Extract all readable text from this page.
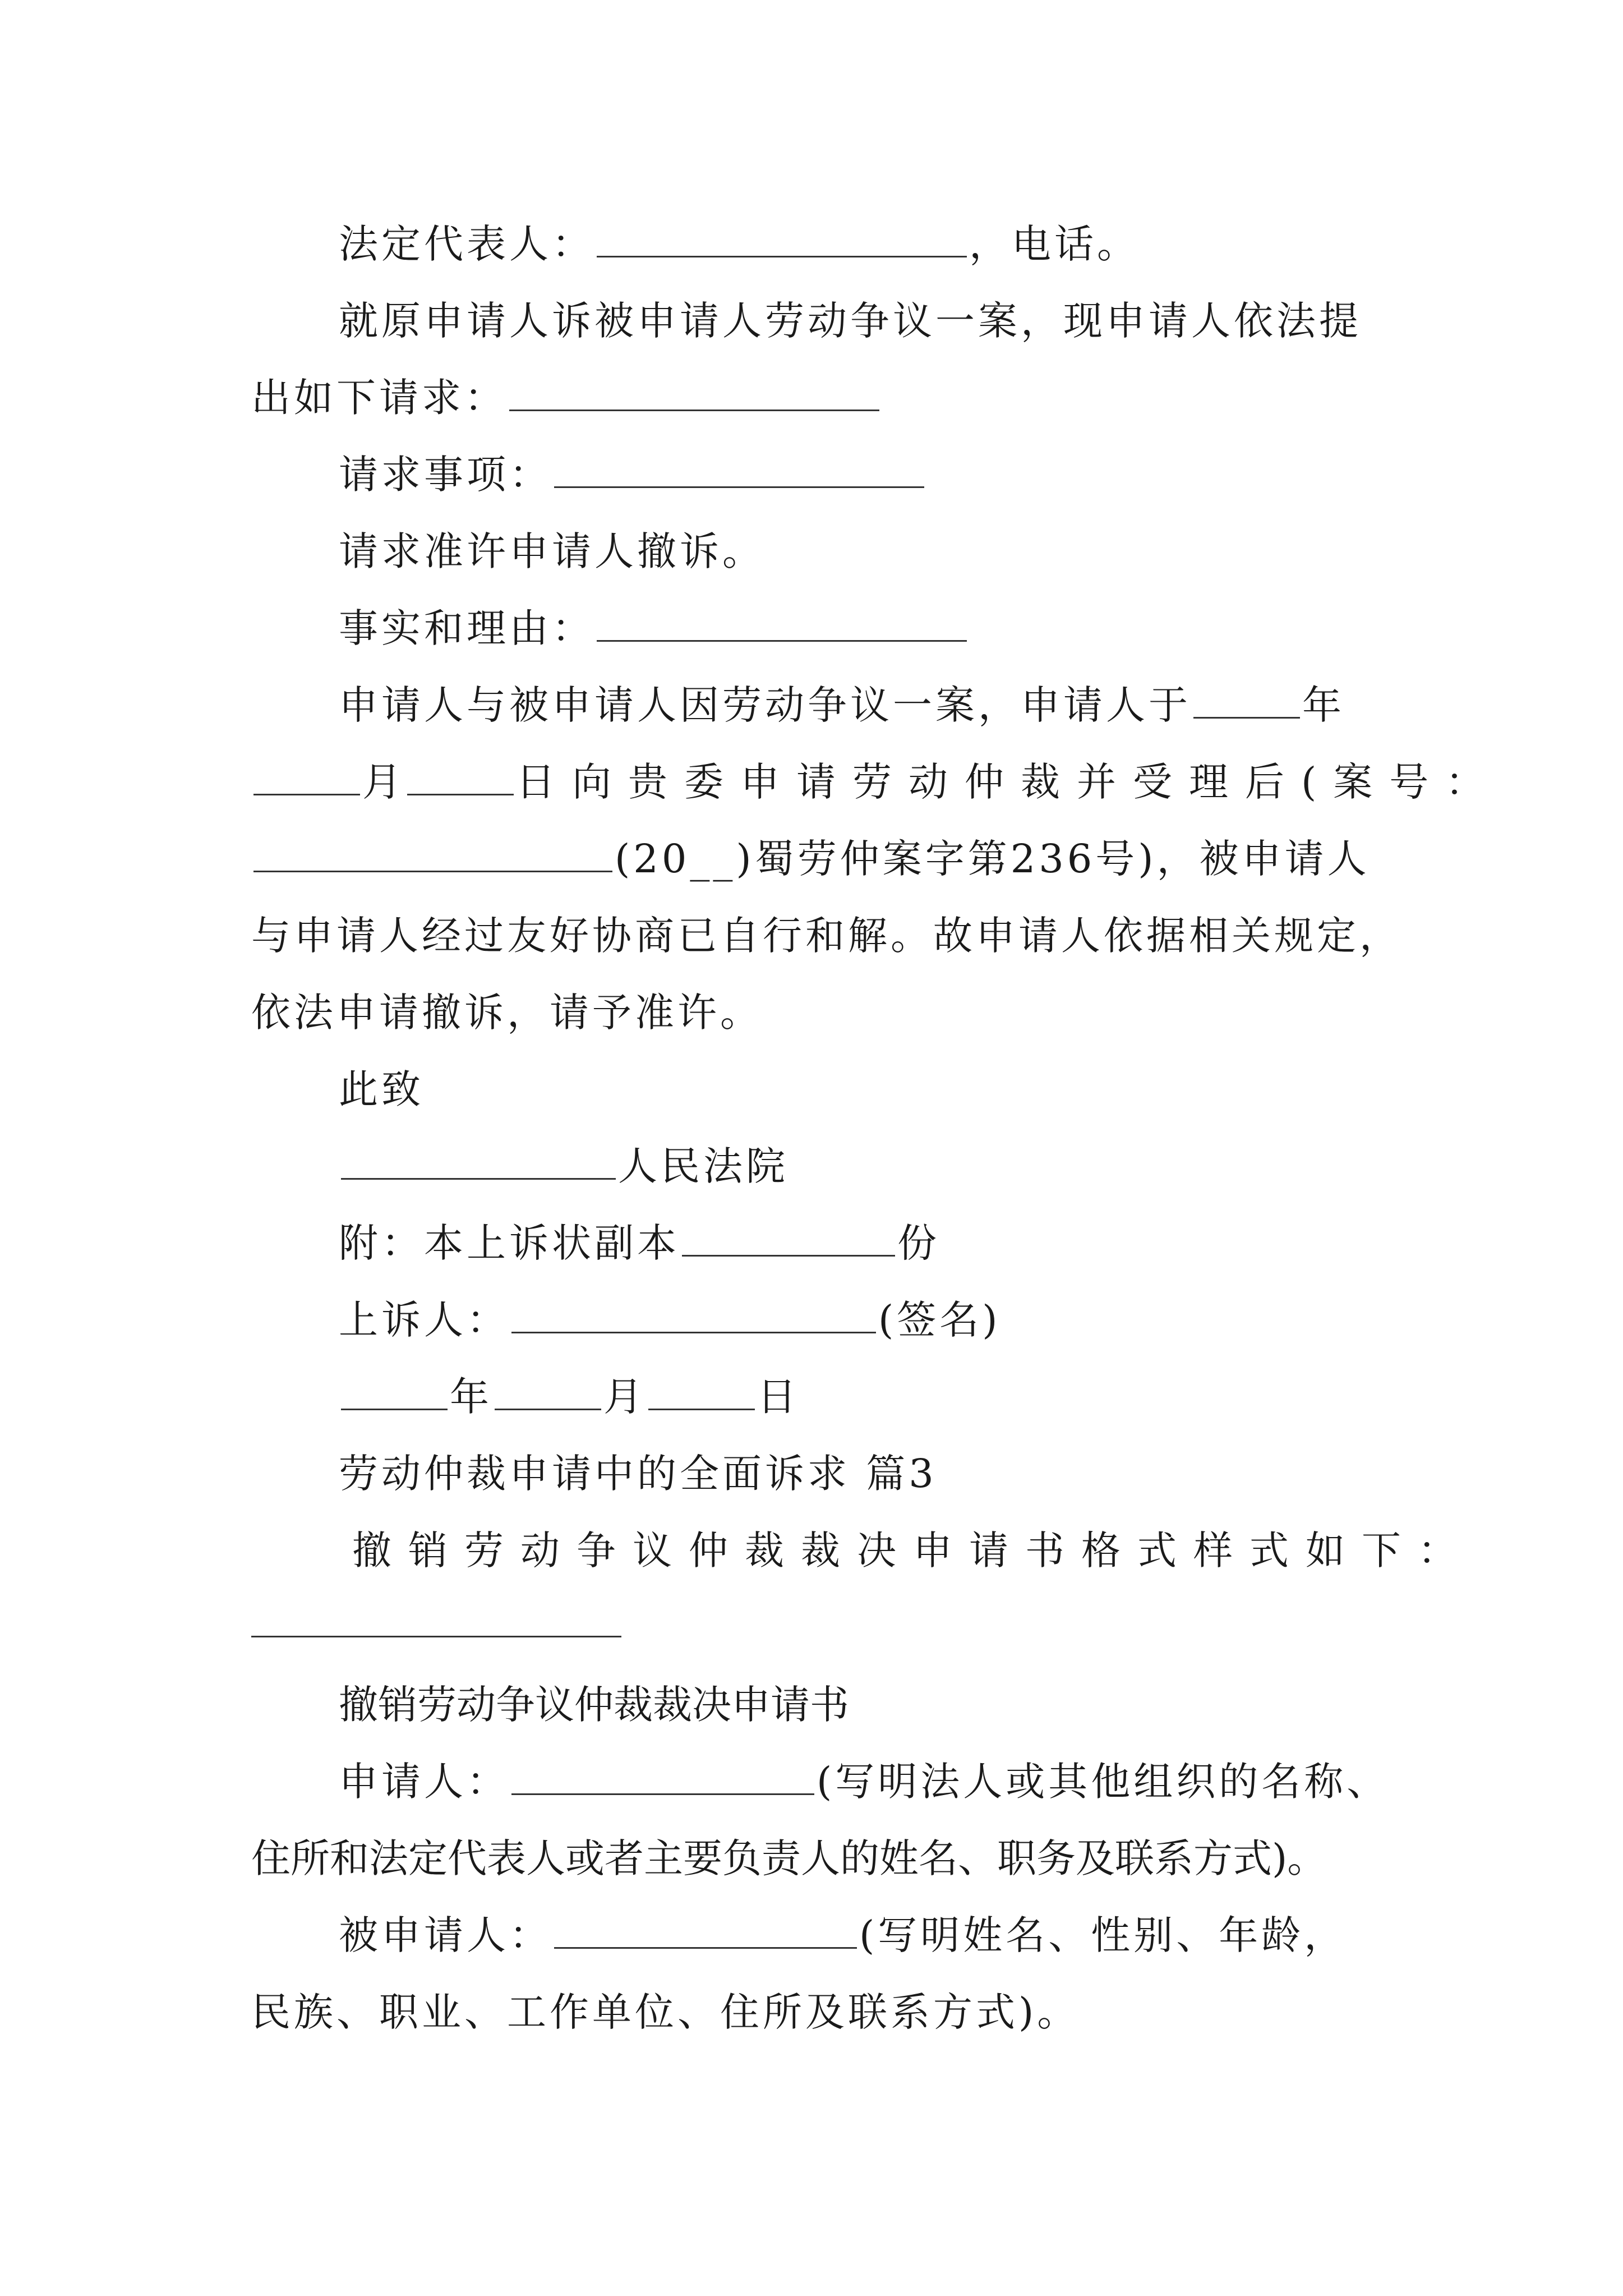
法定代表人：	，电话。
就原申请人诉被申请人劳动争议一案，现申请人依法提
出如下请求：
请求事项：
请求准许申请人撤诉。
事实和理由：
申请人与被申请人因劳动争议一案，申请人于	年
月	日向贵委申请劳动仲裁并受理后(案号：
(20__)蜀劳仲案字第236号)，被申请人
与申请人经过友好协商已自行和解。故申请人依据相关规定，
依法申请撤诉，请予准许。
此致
人民法院
附：本上诉状副本	份
上诉人：	(签名)
年	月	日
劳动仲裁申请中的全面诉求 篇3
撤销劳动争议仲裁裁决申请书格式样式如下：
撤销劳动争议仲裁裁决申请书
申请人：	(写明法人或其他组织的名称、
住所和法定代表人或者主要负责人的姓名、职务及联系方式)。
被申请人：	(写明姓名、性别、年龄，
民族、职业、工作单位、住所及联系方式)。
